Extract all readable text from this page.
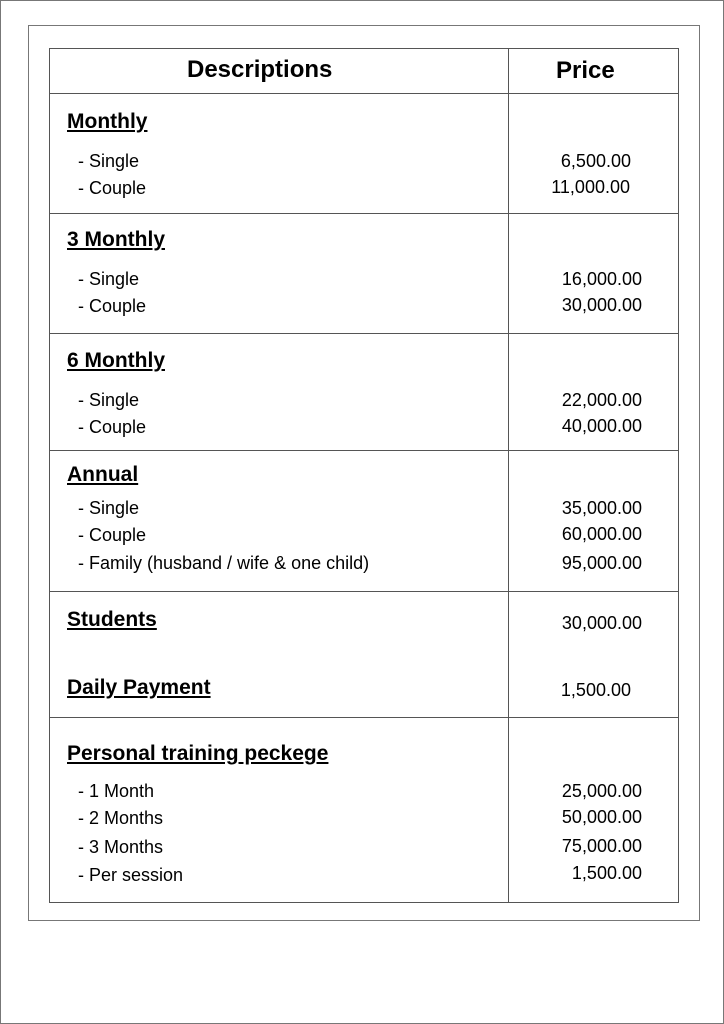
Descriptions	Price
Monthly
- Single	6,500.00
- Couple	11,000.00
3 Monthly
- Single	16,000.00
- Couple	30,000.00
6 Monthly
- Single	22,000.00
- Couple	40,000.00
Annual
- Single	35,000.00
- Couple	60,000.00
- Family (husband / wife & one child)	95,000.00
Students	30,000.00
Daily Payment	1,500.00
Personal training peckege
- 1 Month	25,000.00
- 2 Months	50,000.00
- 3 Months	75,000.00
- Per session	1,500.00
